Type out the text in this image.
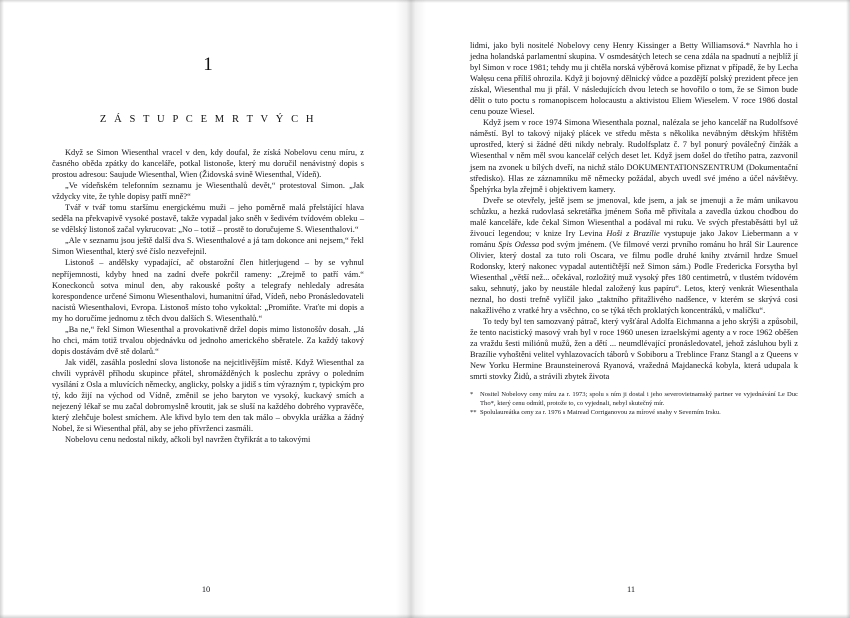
1
Z Á S T U P C E M R T V Ý C H

Když se Simon Wiesenthal vracel v den, kdy doufal, že získá Nobelovu cenu míru, z časného oběda zpátky do kanceláře, potkal listonoše, který mu doručil nenávistný dopis s prostou adresou: Saujude Wiesenthal, Wien (Židovská svině Wiesenthal, Vídeň).

„Ve vídeňském telefonním seznamu je Wiesenthalů devět,“ protestoval Simon. „Jak vždycky vite, že tyhle dopisy patří mně?“

Tvář v tvář tomu staršímu energickému muži – jeho poměrně malá přelstájící hlava seděla na překvapivě vysoké postavě, takže vypadal jako sněh v šedivém tvídovém obleku – se vdĕlský listonoš začal vykrucovat: „No – totiž – prostě to doručujeme S. Wiesenthalovi.“

„Ale v seznamu jsou ještě další dva S. Wiesenthalové a já tam dokonce ani nejsem,“ řekl Simon Wiesenthal, který své číslo nezveřejnil.

Listonoš – andělsky vypadající, ač obstarožní člen hitlerjugend – by se vyhnul nepříjemnosti, kdyby hned na zadní dveře pokrčil rameny: „Zrejmě to patří vám.“ Koneckonců sotva minul den, aby rakouské pošty a telegrafy nehledaly adresáta korespondence určené Simonu Wiesenthalovi, humanitní úřad, Vídeň, nebo Pronásledovateli nacistů Wiesenthalovi, Evropa. Listonoš místo toho vykoktal: „Promiňte. Vraťte mi dopis a my ho doručíme jednomu z těch dvou dalších S. Wiesenthalů.“

„Ba ne,“ řekl Simon Wiesenthal a provokativně držel dopis mimo listonošův dosah. „Já ho chci, mám totiž trvalou objednávku od jednoho amerického sběratele. Za každý takový dopis dostávám dvě stě dolarů.“

Jak viděl, zasáhla poslední slova listonoše na nejcitlivějším místě. Když Wiesenthal za chvíli vyprávěl příhodu skupince přátel, shromážděných k poslechu zprávy o poledním vysílání z Osla a mluvících německy, anglicky, polsky a jidiš s tím výrazným r, typickým pro tý, kdo žijí na východ od Vídně, změnil se jeho baryton ve vysoký, kuckavý smích a nejezený lékař se mu začal dobromyslně kroutit, jak se sluší na každého dobrého vypravěče, který zlehčuje bolest smíchem. Ale křivd bylo tem den tak málo – obvykla urážka a žádný Nobel, že si Wiesenthal přál, aby se jeho přívrženci zasmáli.

Nobelovu cenu nedostal nikdy, ačkoli byl navržen čtyřikrát a to takovými

lidmi, jako byli nositelé Nobelovy ceny Henry Kissinger a Betty Williamsová.* Navrhla ho i jedna holandská parlamentní skupina. V osmdesátých letech se cena zdála na spadnutí a nejblíž jí byl Simon v roce 1981; tehdy mu ji chtěla norská výběrová komise přiznat v případě, že by Lecha Wałęsu cena příliš ohrozila. Když ji bojovný dělnický vůdce a pozdější polský prezident přece jen získal, Wiesenthal mu ji přál. V následujících dvou letech se hovořilo o tom, že se Simon bude dělit o tuto poctu s romanopiscem holocaustu a aktivistou Eliem Wieselem. V roce 1986 dostal cenu pouze Wiesel.

Když jsem v roce 1974 Simona Wiesenthala poznal, nalézala se jeho kancelář na Rudolfsové náměstí. Byl to takový nijaký plácek ve středu města s několika nevábným dětským hříštěm uprostřed, který si žádné děti nikdy nebraly. Rudolfsplatz č. 7 byl ponurý poválečný činžák a Wiesenthal v něm měl svou kancelář celých deset let. Když jsem došel do třetího patra, zazvonil jsem na zvonek u bílých dveří, na nichž stálo DOKUMENTATIONSZENTRUM (Dokumentační středisko). Hlas ze záznamníku mě německy požádal, abych uvedl své jméno a účel návštěvy. Špehýrka byla zřejmě i objektivem kamery.

Dveře se otevřely, ještě jsem se jmenoval, kde jsem, a jak se jmenuji a že mám unikavou schůzku, a hezká rudovlasá sekretářka jménem Soňa mě přivítala a zavedla úzkou chodbou do malé kanceláře, kde čekal Simon Wiesenthal a podával mi ruku. Ve svých přestaběsátti byl už živoucí legendou; v knize Iry Levina Hoši z Brazílie vystupuje jako Jakov Liebermann a v románu Spis Odessa pod svým jménem. (Ve filmové verzi prvního románu ho hrál Sir Laurence Olivier, který dostal za tuto roli Oscara, ve filmu podle druhé knihy ztvárnil hrdze Smuel Rodonsky, který nakonec vypadal autentičtější než Simon sám.) Podle Fredericka Forsytha byl Wiesenthal „větší než... očekával, rozložitý muž vysoký přes 180 centimetrů, v tlustém tvídovém saku, sehnutý, jako by neustále hledal založený kus papíru“. Letos, který venkrát Wiesenthala neznal, ho dosti trefně vylíčil jako „taktního přitažlivého nadšence, v kterém se skrývá cosi nakažlivého z vratké hry a vsěchno, co se týká těch proklatých koncentráků, v malíčku“.

To tedy byl ten samozvaný pátrač, který vyšťáral Adolfa Eichmanna a jeho skrýši a způsobil, že tento nacistický masový vrah byl v roce 1960 unesen izraelskými agenty a v roce 1962 oběšen za vraždu šesti miliónů mužů, žen a dětí ... neumdlévající pronásledovatel, jehož zásluhou byli z Brazílie vyhoštěni velitel vyhlazovacích táborů v Sobiboru a Treblince Franz Stangl a z Queens v New Yorku Hermine Braunsteinerová Ryanová, vražedná Majdanecká kobyla, která udupala k smrti stovky Židů, a strávili zbytek života

* Nositel Nobelovy ceny míru za r. 1973; spolu s ním ji dostal i jeho severovietnamský partner ve vyjednávání Le Duc Tho*, který cenu odmítl, protože to, co vyjednali, nebyl skutečný mír.

** Spolulaureátka ceny za r. 1976 s Mairead Corriganovou za mírové snahy v Severním Irsku.

10	11
